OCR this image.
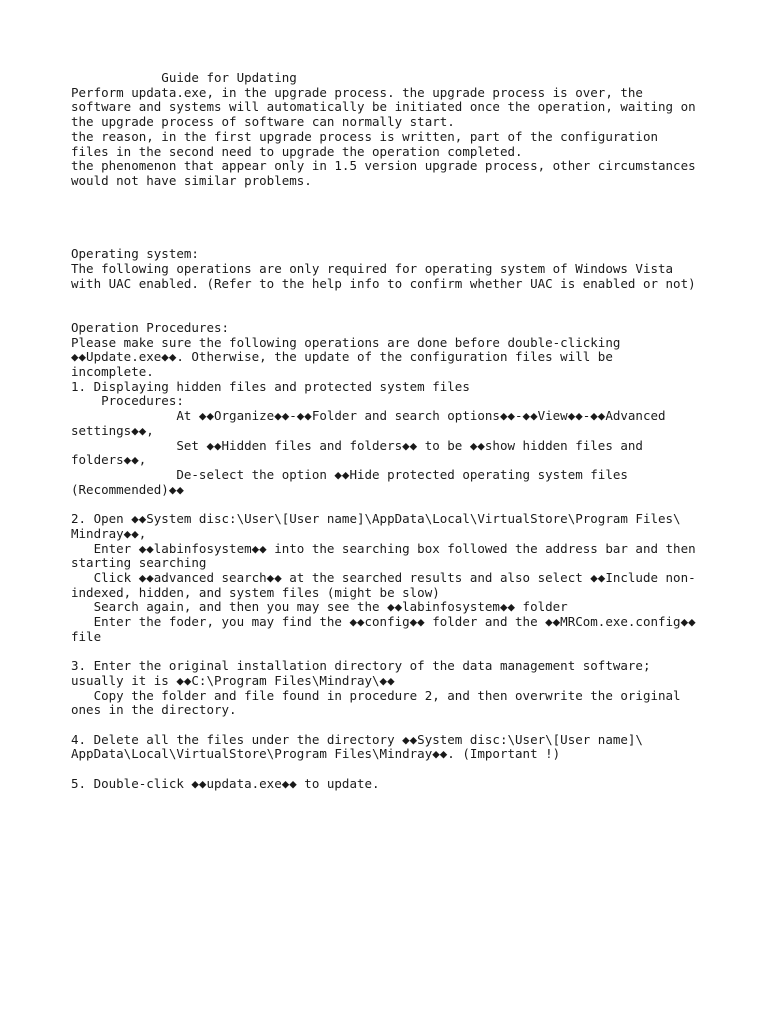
Guide for Updating
Perform updata.exe, in the upgrade process. the upgrade process is over, the
software and systems will automatically be initiated once the operation, waiting on
the upgrade process of software can normally start.
the reason, in the first upgrade process is written, part of the configuration
files in the second need to upgrade the operation completed.
the phenomenon that appear only in 1.5 version upgrade process, other circumstances
would not have similar problems.

Operating system:
The following operations are only required for operating system of Windows Vista
with UAC enabled. (Refer to the help info to confirm whether UAC is enabled or not)

Operation Procedures:
Please make sure the following operations are done before double-clicking
◆◆Update.exe◆◆. Otherwise, the update of the configuration files will be
incomplete.
1. Displaying hidden files and protected system files
Procedures:
At ◆◆Organize◆◆-◆◆Folder and search options◆◆-◆◆View◆◆-◆◆Advanced
settings◆◆,
Set ◆◆Hidden files and folders◆◆ to be ◆◆show hidden files and
folders◆◆,
De-select the option ◆◆Hide protected operating system files
(Recommended)◆◆

2. Open ◆◆System disc:\User\[User name]\AppData\Local\VirtualStore\Program Files\
Mindray◆◆,
Enter ◆◆labinfosystem◆◆ into the searching box followed the address bar and then
starting searching
Click ◆◆advanced search◆◆ at the searched results and also select ◆◆Include non-
indexed, hidden, and system files (might be slow)
Search again, and then you may see the ◆◆labinfosystem◆◆ folder
Enter the foder, you may find the ◆◆config◆◆ folder and the ◆◆MRCom.exe.config◆◆
file

3. Enter the original installation directory of the data management software;
usually it is ◆◆C:\Program Files\Mindray\◆◆
Copy the folder and file found in procedure 2, and then overwrite the original
ones in the directory.

4. Delete all the files under the directory ◆◆System disc:\User\[User name]\
AppData\Local\VirtualStore\Program Files\Mindray◆◆. (Important !)

5. Double-click ◆◆updata.exe◆◆ to update.
